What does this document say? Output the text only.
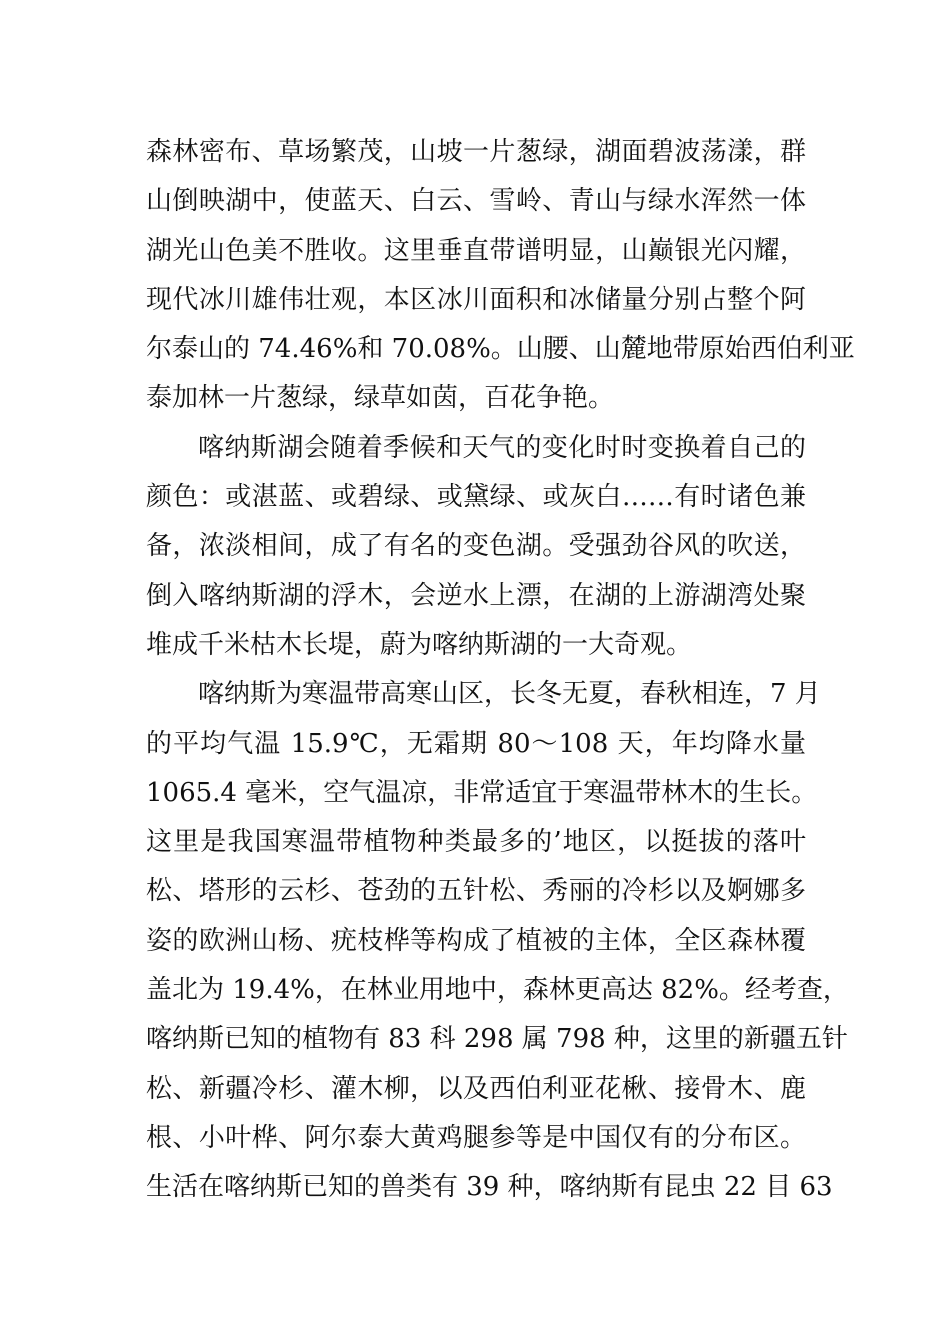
森林密布、草场繁茂，山坡一片葱绿，湖面碧波荡漾，群
山倒映湖中，使蓝天、白云、雪岭、青山与绿水浑然一体
湖光山色美不胜收。这里垂直带谱明显，山巅银光闪耀，
现代冰川雄伟壮观，本区冰川面积和冰储量分别占整个阿
尔泰山的 74.46%和 70.08%。山腰、山麓地带原始西伯利亚
泰加林一片葱绿，绿草如茵，百花争艳。
喀纳斯湖会随着季候和天气的变化时时变换着自己的
颜色：或湛蓝、或碧绿、或黛绿、或灰白……有时诸色兼
备，浓淡相间，成了有名的变色湖。受强劲谷风的吹送，
倒入喀纳斯湖的浮木，会逆水上漂，在湖的上游湖湾处聚
堆成千米枯木长堤，蔚为喀纳斯湖的一大奇观。
喀纳斯为寒温带高寒山区，长冬无夏，春秋相连，7 月
的平均气温 15.9℃，无霜期 80～108 天，年均降水量
1065.4 毫米，空气温凉，非常适宜于寒温带林木的生长。
这里是我国寒温带植物种类最多的’地区，以挺拔的落叶
松、塔形的云杉、苍劲的五针松、秀丽的冷杉以及婀娜多
姿的欧洲山杨、疣枝桦等构成了植被的主体，全区森林覆
盖北为 19.4%，在林业用地中，森林更高达 82%。经考查，
喀纳斯已知的植物有 83 科 298 属 798 种，这里的新疆五针
松、新疆冷杉、灌木柳，以及西伯利亚花楸、接骨木、鹿
根、小叶桦、阿尔泰大黄鸡腿参等是中国仅有的分布区。
生活在喀纳斯已知的兽类有 39 种，喀纳斯有昆虫 22 目 63
